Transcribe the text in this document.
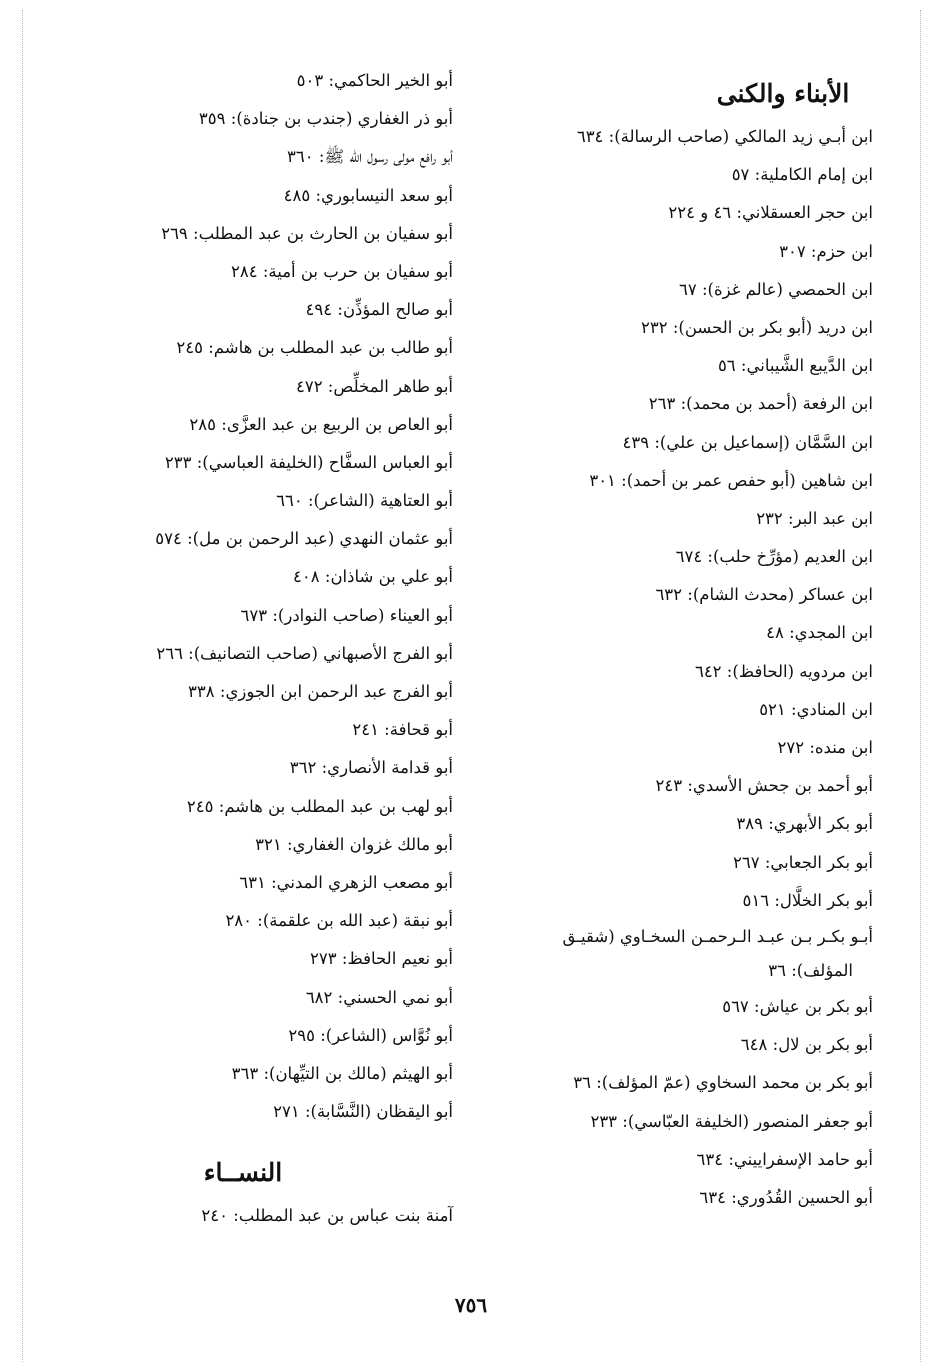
الأبناء والكنى
ابن أبـي زيد المالكي (صاحب الرسالة): ٦٣٤
ابن إمام الكاملية: ٥٧
ابن حجر العسقلاني: ٤٦ و ٢٢٤
ابن حزم: ٣٠٧
ابن الحمصي (عالم غزة): ٦٧
ابن دريد (أبو بكر بن الحسن): ٢٣٢
ابن الدَّيبع الشَّيباني: ٥٦
ابن الرفعة (أحمد بن محمد): ٢٦٣
ابن السَّمَّان (إسماعيل بن علي): ٤٣٩
ابن شاهين (أبو حفص عمر بن أحمد): ٣٠١
ابن عبد البر: ٢٣٢
ابن العديم (مؤرِّخ حلب): ٦٧٤
ابن عساكر (محدث الشام): ٦٣٢
ابن المجدي: ٤٨
ابن مردويه (الحافظ): ٦٤٢
ابن المنادي: ٥٢١
ابن منده: ٢٧٢
أبو أحمد بن جحش الأسدي: ٢٤٣
أبو بكر الأبهري: ٣٨٩
أبو بكر الجعابي: ٢٦٧
أبو بكر الخلَّال: ٥١٦
أبـو بكـر بـن عبـد الـرحمـن السخـاوي (شقيـق
المؤلف): ٣٦
أبو بكر بن عياش: ٥٦٧
أبو بكر بن لال: ٦٤٨
أبو بكر بن محمد السخاوي (عمّ المؤلف): ٣٦
أبو جعفر المنصور (الخليفة العبّاسي): ٢٣٣
أبو حامد الإسفراييني: ٦٣٤
أبو الحسين القُدُوري: ٦٣٤
أبو الخير الحاكمي: ٥٠٣
أبو ذر الغفاري (جندب بن جنادة): ٣٥٩
أبو رافع مولى رسول الله ﷺ: ٣٦٠
أبو سعد النيسابوري: ٤٨٥
أبو سفيان بن الحارث بن عبد المطلب: ٢٦٩
أبو سفيان بن حرب بن أمية: ٢٨٤
أبو صالح المؤذِّن: ٤٩٤
أبو طالب بن عبد المطلب بن هاشم: ٢٤٥
أبو طاهر المخلِّص: ٤٧٢
أبو العاص بن الربيع بن عبد العزَّى: ٢٨٥
أبو العباس السفَّاح (الخليفة العباسي): ٢٣٣
أبو العتاهية (الشاعر): ٦٦٠
أبو عثمان النهدي (عبد الرحمن بن مل): ٥٧٤
أبو علي بن شاذان: ٤٠٨
أبو العيناء (صاحب النوادر): ٦٧٣
أبو الفرج الأصبهاني (صاحب التصانيف): ٢٦٦
أبو الفرج عبد الرحمن ابن الجوزي: ٣٣٨
أبو قحافة: ٢٤١
أبو قدامة الأنصاري: ٣٦٢
أبو لهب بن عبد المطلب بن هاشم: ٢٤٥
أبو مالك غزوان الغفاري: ٣٢١
أبو مصعب الزهري المدني: ٦٣١
أبو نبقة (عبد الله بن علقمة): ٢٨٠
أبو نعيم الحافظ: ٢٧٣
أبو نمي الحسني: ٦٨٢
أبو نُوَّاس (الشاعر): ٢٩٥
أبو الهيثم (مالك بن التيِّهان): ٣٦٣
أبو اليقظان (النَّسَّابة): ٢٧١
النســاء
آمنة بنت عباس بن عبد المطلب: ٢٤٠
٧٥٦
